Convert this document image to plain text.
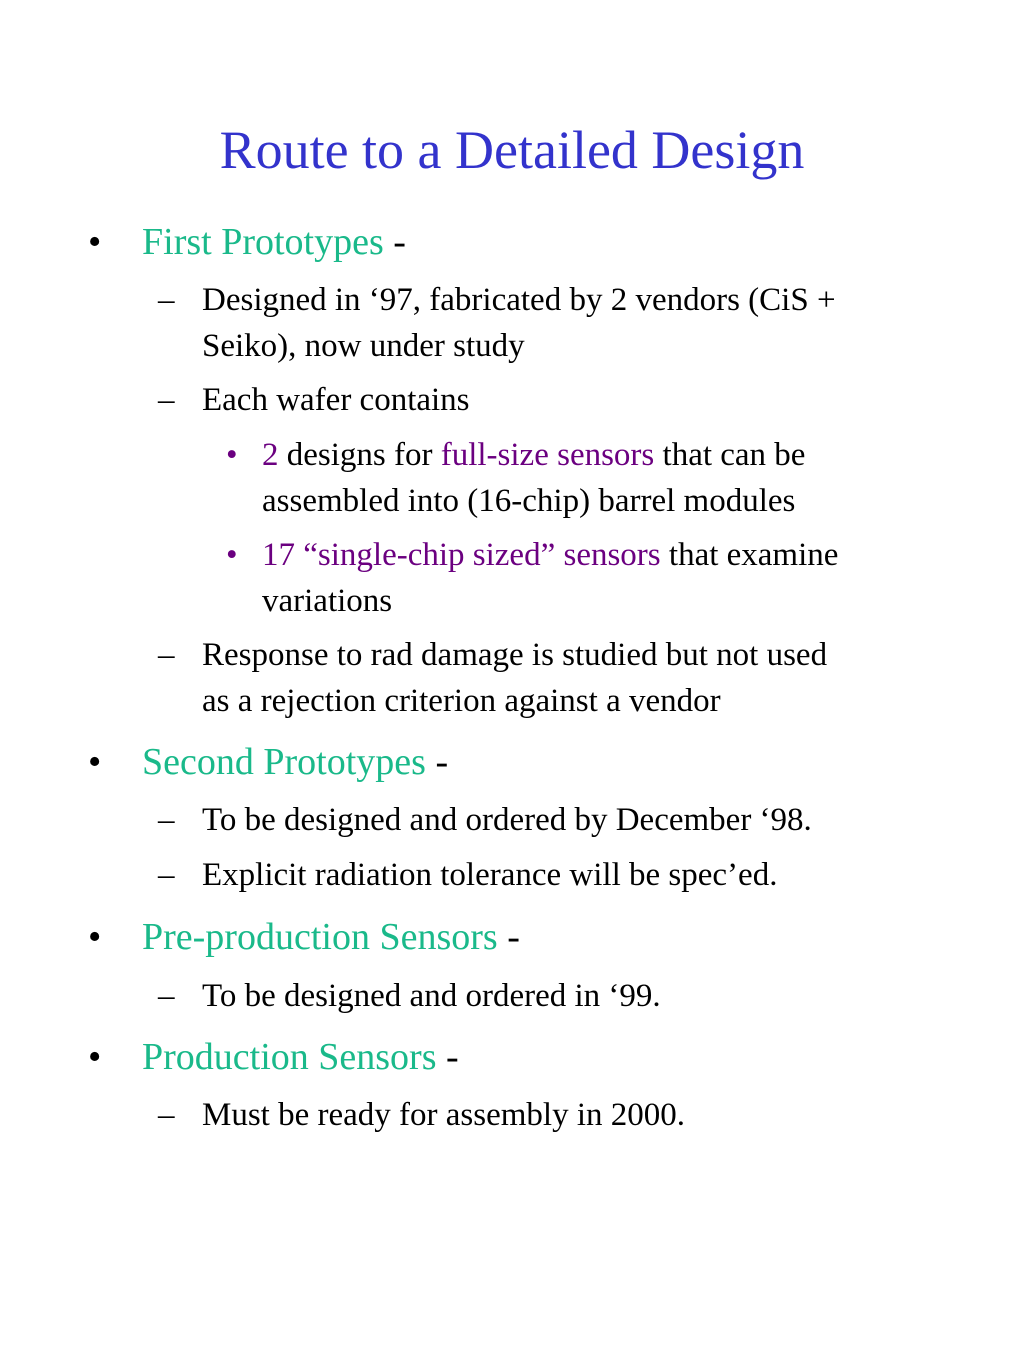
Route to a Detailed Design
• First Prototypes -
– Designed in ‘97, fabricated by 2 vendors (CiS +
Seiko), now under study
– Each wafer contains
• 2 designs for full-size sensors that can be
assembled into (16-chip) barrel modules
• 17 “single-chip sized” sensors that examine
variations
– Response to rad damage is studied but not used
as a rejection criterion against a vendor
• Second Prototypes -
– To be designed and ordered by December ‘98.
– Explicit radiation tolerance will be spec’ed.
• Pre-production Sensors -
– To be designed and ordered in ‘99.
• Production Sensors -
– Must be ready for assembly in 2000.
